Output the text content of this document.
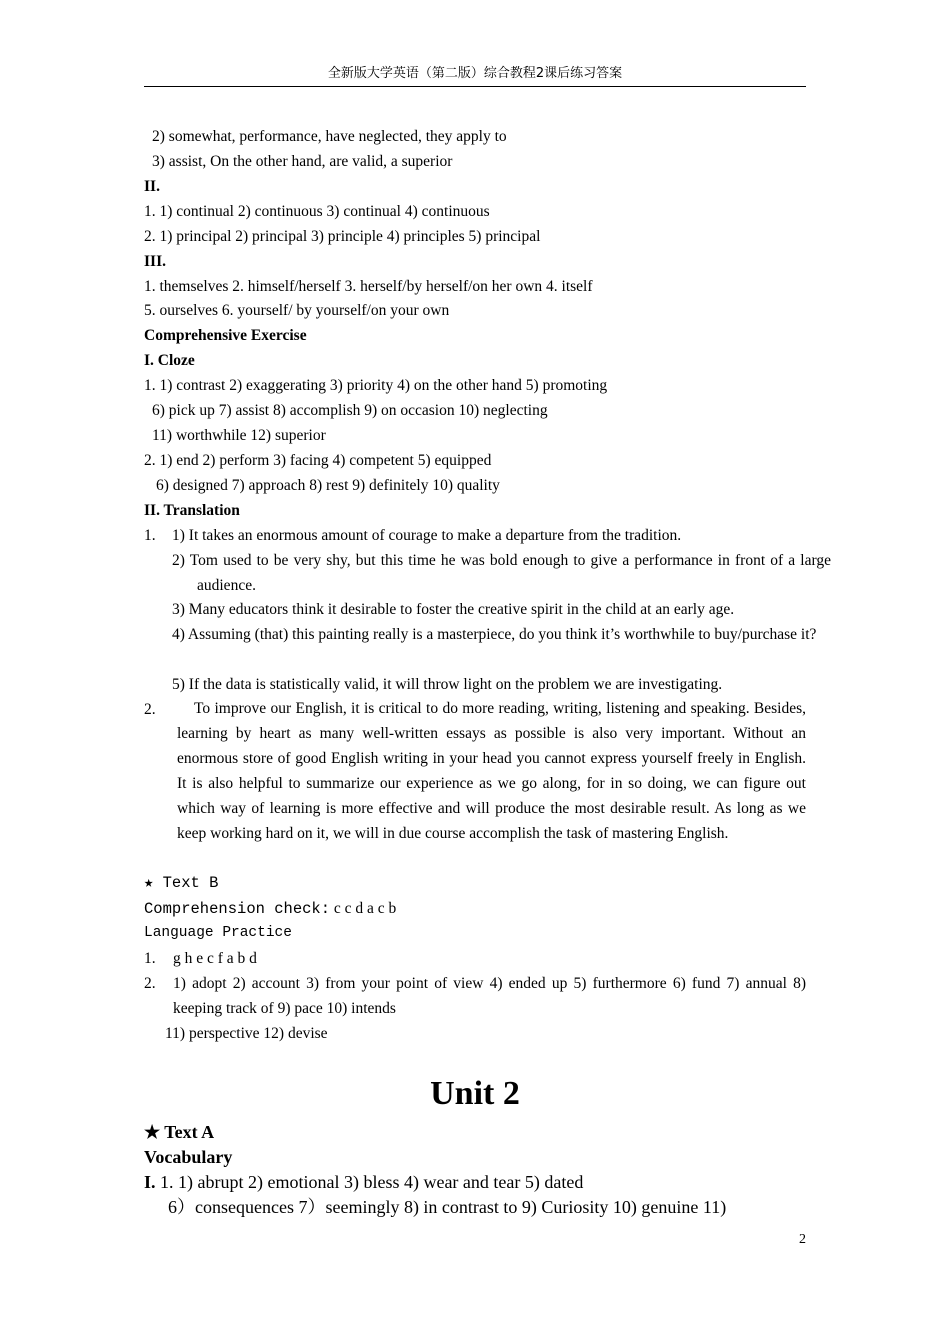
全新版大学英语（第二版）综合教程2课后练习答案
2) somewhat, performance, have neglected, they apply to
3) assist, On the other hand, are valid, a superior
II.
1. 1) continual 2) continuous 3) continual 4) continuous
2. 1) principal 2) principal 3) principle 4) principles 5) principal
III.
1. themselves 2. himself/herself 3. herself/by herself/on her own 4. itself
5. ourselves 6. yourself/ by yourself/on your own
Comprehensive Exercise
I. Cloze
1. 1) contrast 2) exaggerating 3) priority 4) on the other hand 5) promoting
6) pick up 7) assist 8) accomplish 9) on occasion 10) neglecting
11) worthwhile 12) superior
2. 1) end 2) perform 3) facing 4) competent 5) equipped
6) designed 7) approach 8) rest 9) definitely 10) quality
II. Translation
1. 1) It takes an enormous amount of courage to make a departure from the tradition.
2) Tom used to be very shy, but this time he was bold enough to give a performance in front of a large audience.
3) Many educators think it desirable to foster the creative spirit in the child at an early age.
4) Assuming (that) this painting really is a masterpiece, do you think it’s worthwhile to buy/purchase it?
5) If the data is statistically valid, it will throw light on the problem we are investigating.
2.	To improve our English, it is critical to do more reading, writing, listening and speaking. Besides, learning by heart as many well-written essays as possible is also very important. Without an enormous store of good English writing in your head you cannot express yourself freely in English. It is also helpful to summarize our experience as we go along, for in so doing, we can figure out which way of learning is more effective and will produce the most desirable result. As long as we keep working hard on it, we will in due course accomplish the task of mastering English.
★ Text B
Comprehension check: c c d a c b
Language Practice
1. g h e c f a b d
2. 1) adopt 2) account 3) from your point of view 4) ended up 5) furthermore 6) fund 7) annual 8) keeping track of 9) pace 10) intends
11) perspective 12) devise
Unit 2
★ Text A
Vocabulary
I. 1. 1) abrupt 2) emotional 3) bless 4) wear and tear 5) dated
6）consequences 7）seemingly 8) in contrast to 9) Curiosity 10) genuine 11)
2
